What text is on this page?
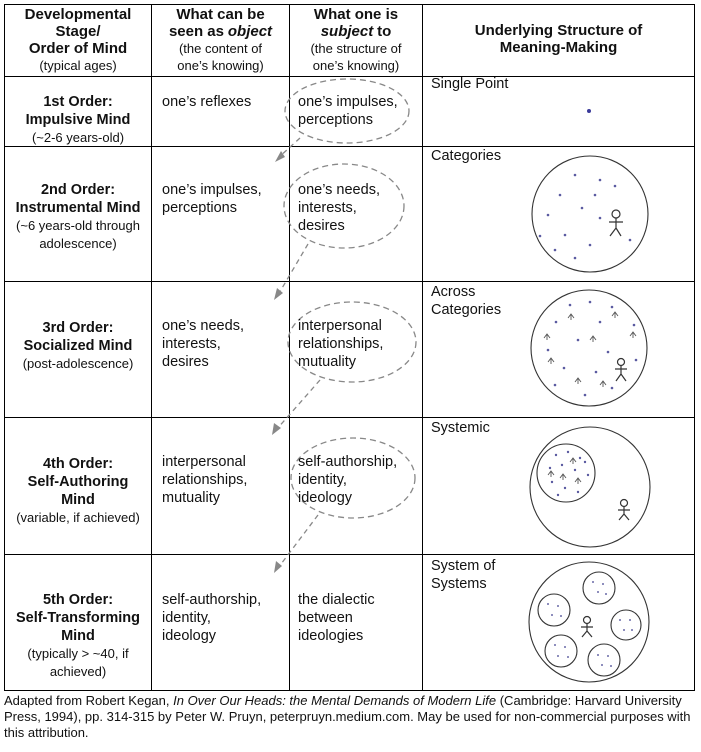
Developmental
Stage/
Order of Mind
(typical ages)
What can be
seen as object
(the content of
one’s knowing)
What one is
subject to
(the structure of
one’s knowing)
Underlying Structure of
Meaning-Making
1st Order:
Impulsive Mind
(~2-6 years-old)
one’s reflexes	one’s impulses,
perceptions
Single Point
2nd Order:
Instrumental Mind
(~6 years-old through
adolescence)
one’s impulses,
perceptions
one’s needs,
interests,
desires
Categories
3rd Order:
Socialized Mind
(post-adolescence)
one’s needs,
interests,
desires
interpersonal
relationships,
mutuality
Across
Categories
4th Order:
Self-Authoring
Mind
(variable, if achieved)
interpersonal
relationships,
mutuality
self-authorship,
identity,
ideology
Systemic
5th Order:
Self-Transforming
Mind
(typically > ~40, if
achieved)
self-authorship,
identity,
ideology
the dialectic
between
ideologies
System of
Systems
Adapted from Robert Kegan, In Over Our Heads: the Mental Demands of Modern Life (Cambridge: Harvard University Press, 1994), pp. 314-315 by Peter W. Pruyn, peterpruyn.medium.com. May be used for non-commercial purposes with this attribution.
